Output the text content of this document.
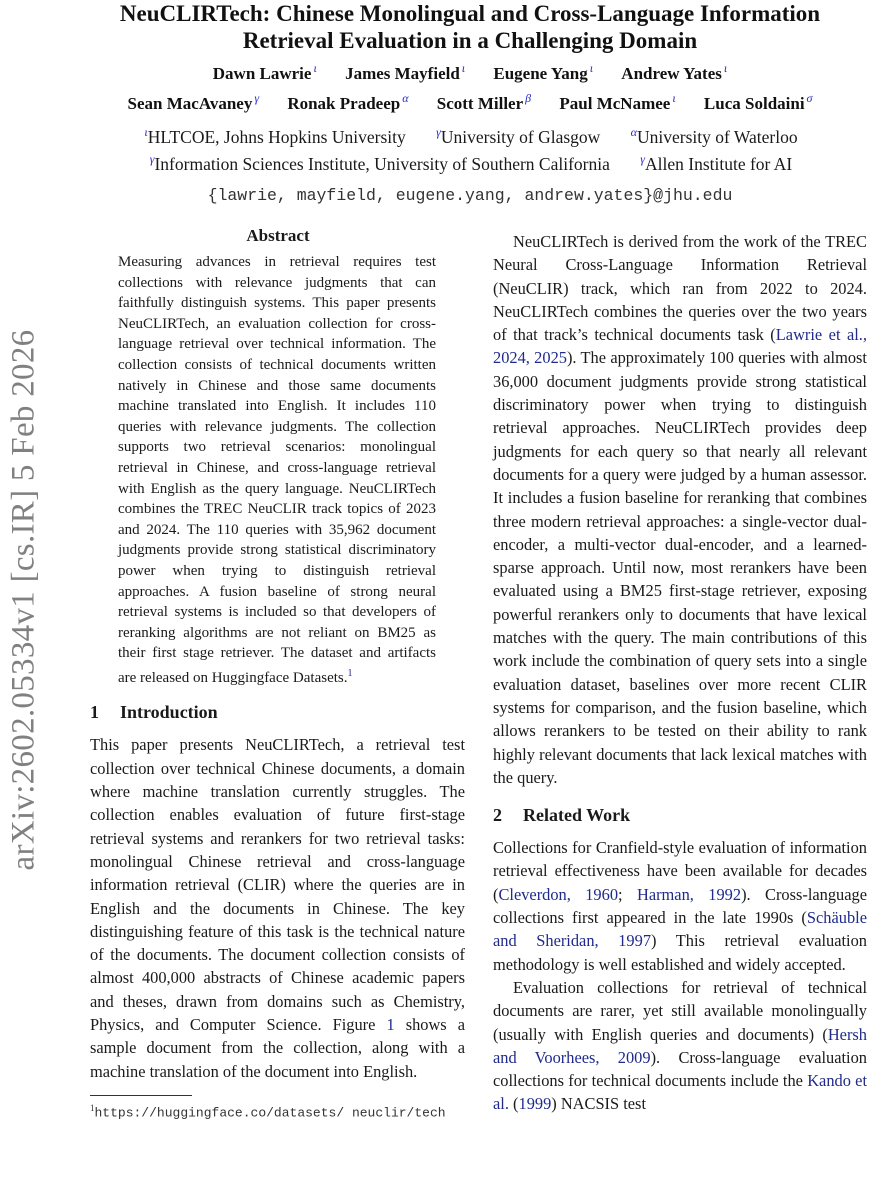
arXiv:2602.05334v1 [cs.IR] 5 Feb 2026
NeuCLIRTech: Chinese Monolingual and Cross-Language Information
Retrieval Evaluation in a Challenging Domain
Dawn Lawrie $^\iota$ James Mayfield $^\iota$ Eugene Yang $^\iota$ Andrew Yates $^\iota$
Sean MacAvaney $^\gamma$ Ronak Pradeep $^\alpha$ Scott Miller $^\beta$ Paul McNamee $^\iota$ Luca Soldaini $^\sigma$
$^\iota$HLTCOE, Johns Hopkins University	$^\gamma$University of Glasgow	$^\alpha$University of Waterloo
$^\gamma$Information Sciences Institute, University of Southern California	$^\gamma$Allen Institute for AI
{lawrie, mayfield, eugene.yang, andrew.yates}@jhu.edu
Abstract

Measuring advances in retrieval requires test collections with relevance judgments that can faithfully distinguish systems. This paper presents NeuCLIRTech, an evaluation collection for cross-language retrieval over technical information. The collection consists of technical documents written natively in Chinese and those same documents machine translated into English. It includes 110 queries with relevance judgments. The collection supports two retrieval scenarios: monolingual retrieval in Chinese, and cross-language retrieval with English as the query language. NeuCLIRTech combines the TREC NeuCLIR track topics of 2023 and 2024. The 110 queries with 35,962 document judgments provide strong statistical discriminatory power when trying to distinguish retrieval approaches. A fusion baseline of strong neural retrieval systems is included so that developers of reranking algorithms are not reliant on BM25 as their first stage retriever. The dataset and artifacts are released on Huggingface Datasets.$^1$

1 Introduction

This paper presents NeuCLIRTech, a retrieval test collection over technical Chinese documents, a domain where machine translation currently struggles. The collection enables evaluation of future first-stage retrieval systems and rerankers for two retrieval tasks: monolingual Chinese retrieval and cross-language information retrieval (CLIR) where the queries are in English and the documents in Chinese. The key distinguishing feature of this task is the technical nature of the documents. The document collection consists of almost 400,000 abstracts of Chinese academic papers and theses, drawn from domains such as Chemistry, Physics, and Computer Science. Figure 1 shows a sample document from the collection, along with a machine translation of the document into English.

$^1$https://huggingface.co/datasets/ neuclir/tech

NeuCLIRTech is derived from the work of the TREC Neural Cross-Language Information Retrieval (NeuCLIR) track, which ran from 2022 to 2024. NeuCLIRTech combines the queries over the two years of that track’s technical documents task (Lawrie et al., 2024, 2025). The approximately 100 queries with almost 36,000 document judgments provide strong statistical discriminatory power when trying to distinguish retrieval approaches. NeuCLIRTech provides deep judgments for each query so that nearly all relevant documents for a query were judged by a human assessor. It includes a fusion baseline for reranking that combines three modern retrieval approaches: a single-vector dual-encoder, a multi-vector dual-encoder, and a learned-sparse approach. Until now, most rerankers have been evaluated using a BM25 first-stage retriever, exposing powerful rerankers only to documents that have lexical matches with the query. The main contributions of this work include the combination of query sets into a single evaluation dataset, baselines over more recent CLIR systems for comparison, and the fusion baseline, which allows rerankers to be tested on their ability to rank highly relevant documents that lack lexical matches with the query.

2 Related Work

Collections for Cranfield-style evaluation of information retrieval effectiveness have been available for decades (Cleverdon, 1960; Harman, 1992). Cross-language collections first appeared in the late 1990s (Schäuble and Sheridan, 1997) This retrieval evaluation methodology is well established and widely accepted.

Evaluation collections for retrieval of technical documents are rarer, yet still available monolingually (usually with English queries and documents) (Hersh and Voorhees, 2009). Cross-language evaluation collections for technical documents include the Kando et al. (1999) NACSIS test
